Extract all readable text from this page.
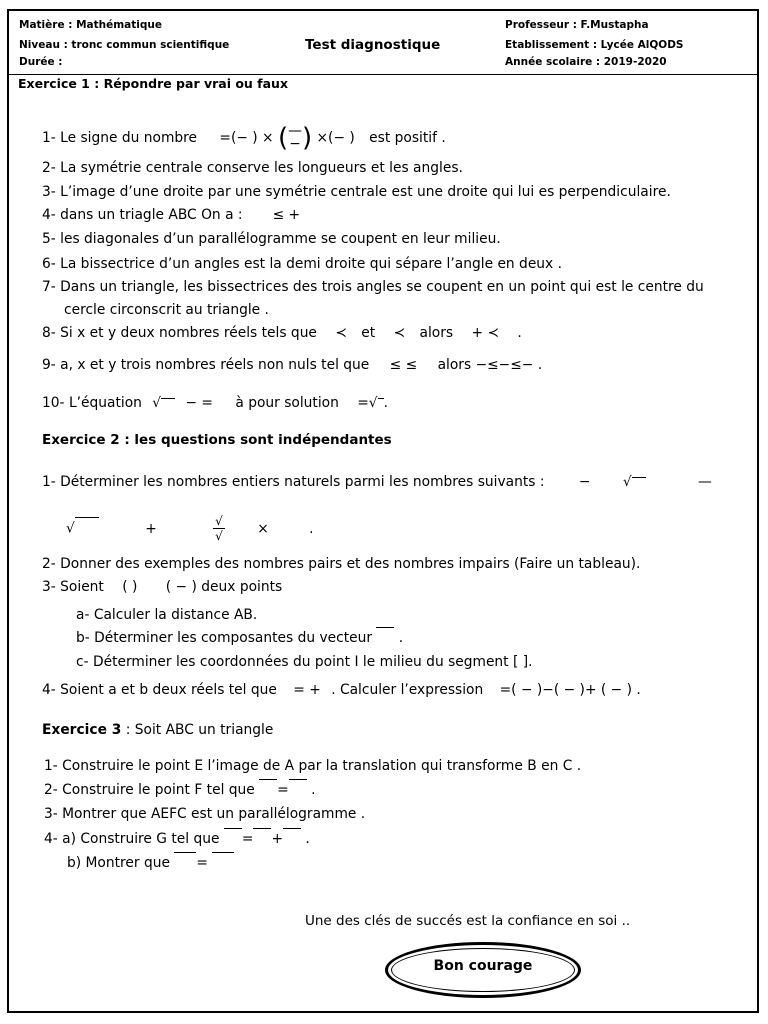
Matière : Mathématique
Niveau : tronc commun scientifique
Durée :
Test diagnostique
Professeur : F.Mustapha
Etablissement : Lycée AlQODS
Année scolaire : 2019-2020
Exercice 1 : Répondre par vrai ou faux
1- Le signe du nombre =(− ) × ( —
− ) ×(− ) est positif .
2- La symétrie centrale conserve les longueurs et les angles.
3- L’image d’une droite par une symétrie centrale est une droite qui lui es perpendiculaire.
4- dans un triagle ABC On a : ≤ +
5- les diagonales d’un parallélogramme se coupent en leur milieu.
6- La bissectrice d’un angles est la demi droite qui sépare l’angle en deux .
7- Dans un triangle, les bissectrices des trois angles se coupent en un point qui est le centre du
cercle circonscrit au triangle .
8- Si x et y deux nombres réels tels que ≺ et ≺ alors + ≺ .
9- a, x et y trois nombres réels non nuls tel que ≤ ≤ alors −≤−≤− .
10- L’équation √ − = à pour solution =√ .
Exercice 2 : les questions sont indépendantes
1- Déterminer les nombres entiers naturels parmi les nombres suivants : − √	—
√	+	√
√ ×	.
2- Donner des exemples des nombres pairs et des nombres impairs (Faire un tableau).
3- Soient ( ) ( − ) deux points
a- Calculer la distance AB.
b- Déterminer les composantes du vecteur .
c- Déterminer les coordonnées du point I le milieu du segment [ ].
4- Soient a et b deux réels tel que = + . Calculer l’expression =( − )−( − )+ ( − ) .
Exercice 3 : Soit ABC un triangle
1- Construire le point E l’image de A par la translation qui transforme B en C .
2- Construire le point F tel que = .
3- Montrer que AEFC est un parallélogramme .
4- a) Construire G tel que = + .
b) Montrer que =
Une des clés de succés est la confiance en soi ..
Bon courage
